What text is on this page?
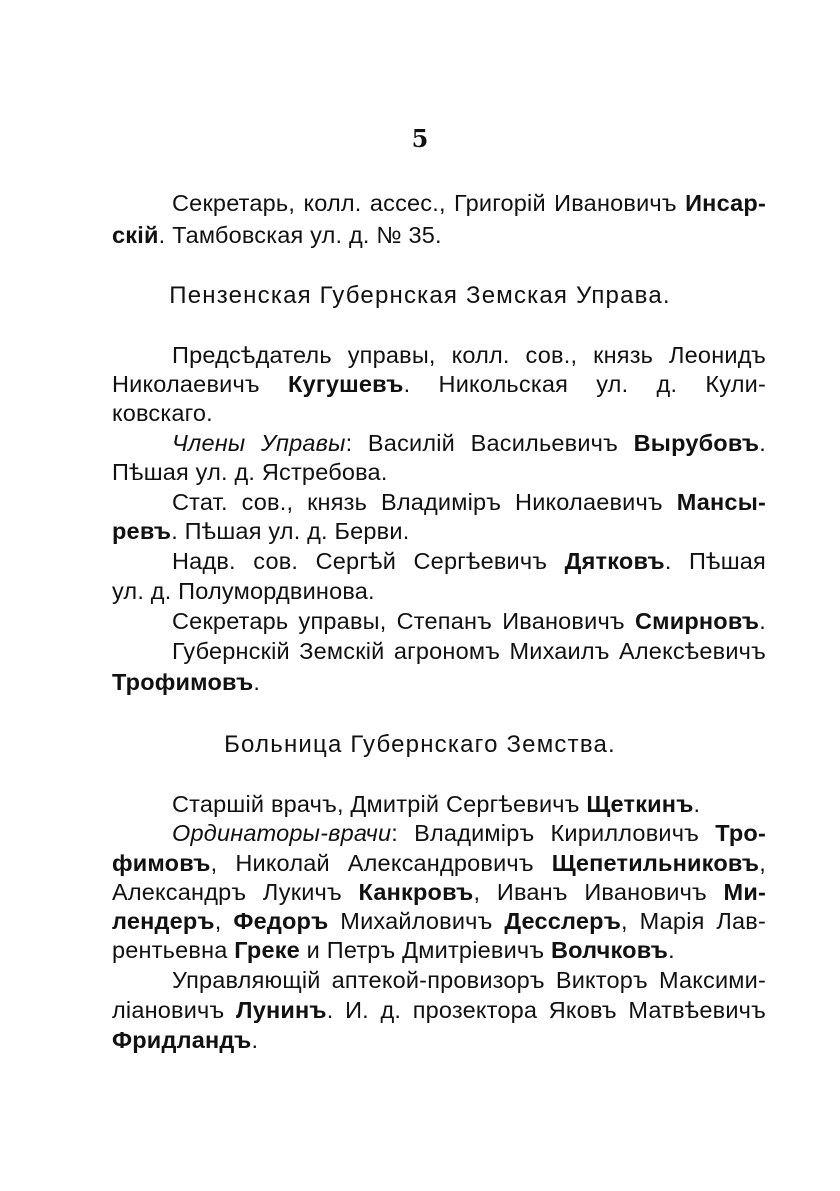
5
Секретарь, колл. ассес., Григорій Ивановичъ Инсар-
скій. Тамбовская ул. д. № 35.
Пензенская Губернская Земская Управа.
Предсѣдатель управы, колл. сов., князь Леонидъ
Николаевичъ Кугушевъ. Никольская ул. д. Кули-
ковскаго.
Члены Управы: Василій Васильевичъ Вырубовъ.
Пѣшая ул. д. Ястребова.
Стат. сов., князь Владиміръ Николаевичъ Мансы-
ревъ. Пѣшая ул. д. Берви.
Надв. сов. Сергѣй Сергѣевичъ Дятковъ. Пѣшая
ул. д. Полумордвинова.
Секретарь управы, Степанъ Ивановичъ Смирновъ.
Губернскій Земскій агрономъ Михаилъ Алексѣевичъ
Трофимовъ.
Больница Губернскаго Земства.
Старшій врачъ, Дмитрій Сергѣевичъ Щеткинъ.
Ординаторы-врачи: Владиміръ Кирилловичъ Тро-
фимовъ, Николай Александровичъ Щепетильниковъ,
Александръ Лукичъ Канкровъ, Иванъ Ивановичъ Ми-
лендеръ, Федоръ Михайловичъ Десслеръ, Марія Лав-
рентьевна Греке и Петръ Дмитріевичъ Волчковъ.
Управляющій аптекой-провизоръ Викторъ Максими-
ліановичъ Лунинъ. И. д. прозектора Яковъ Матвѣевичъ
Фридландъ.
